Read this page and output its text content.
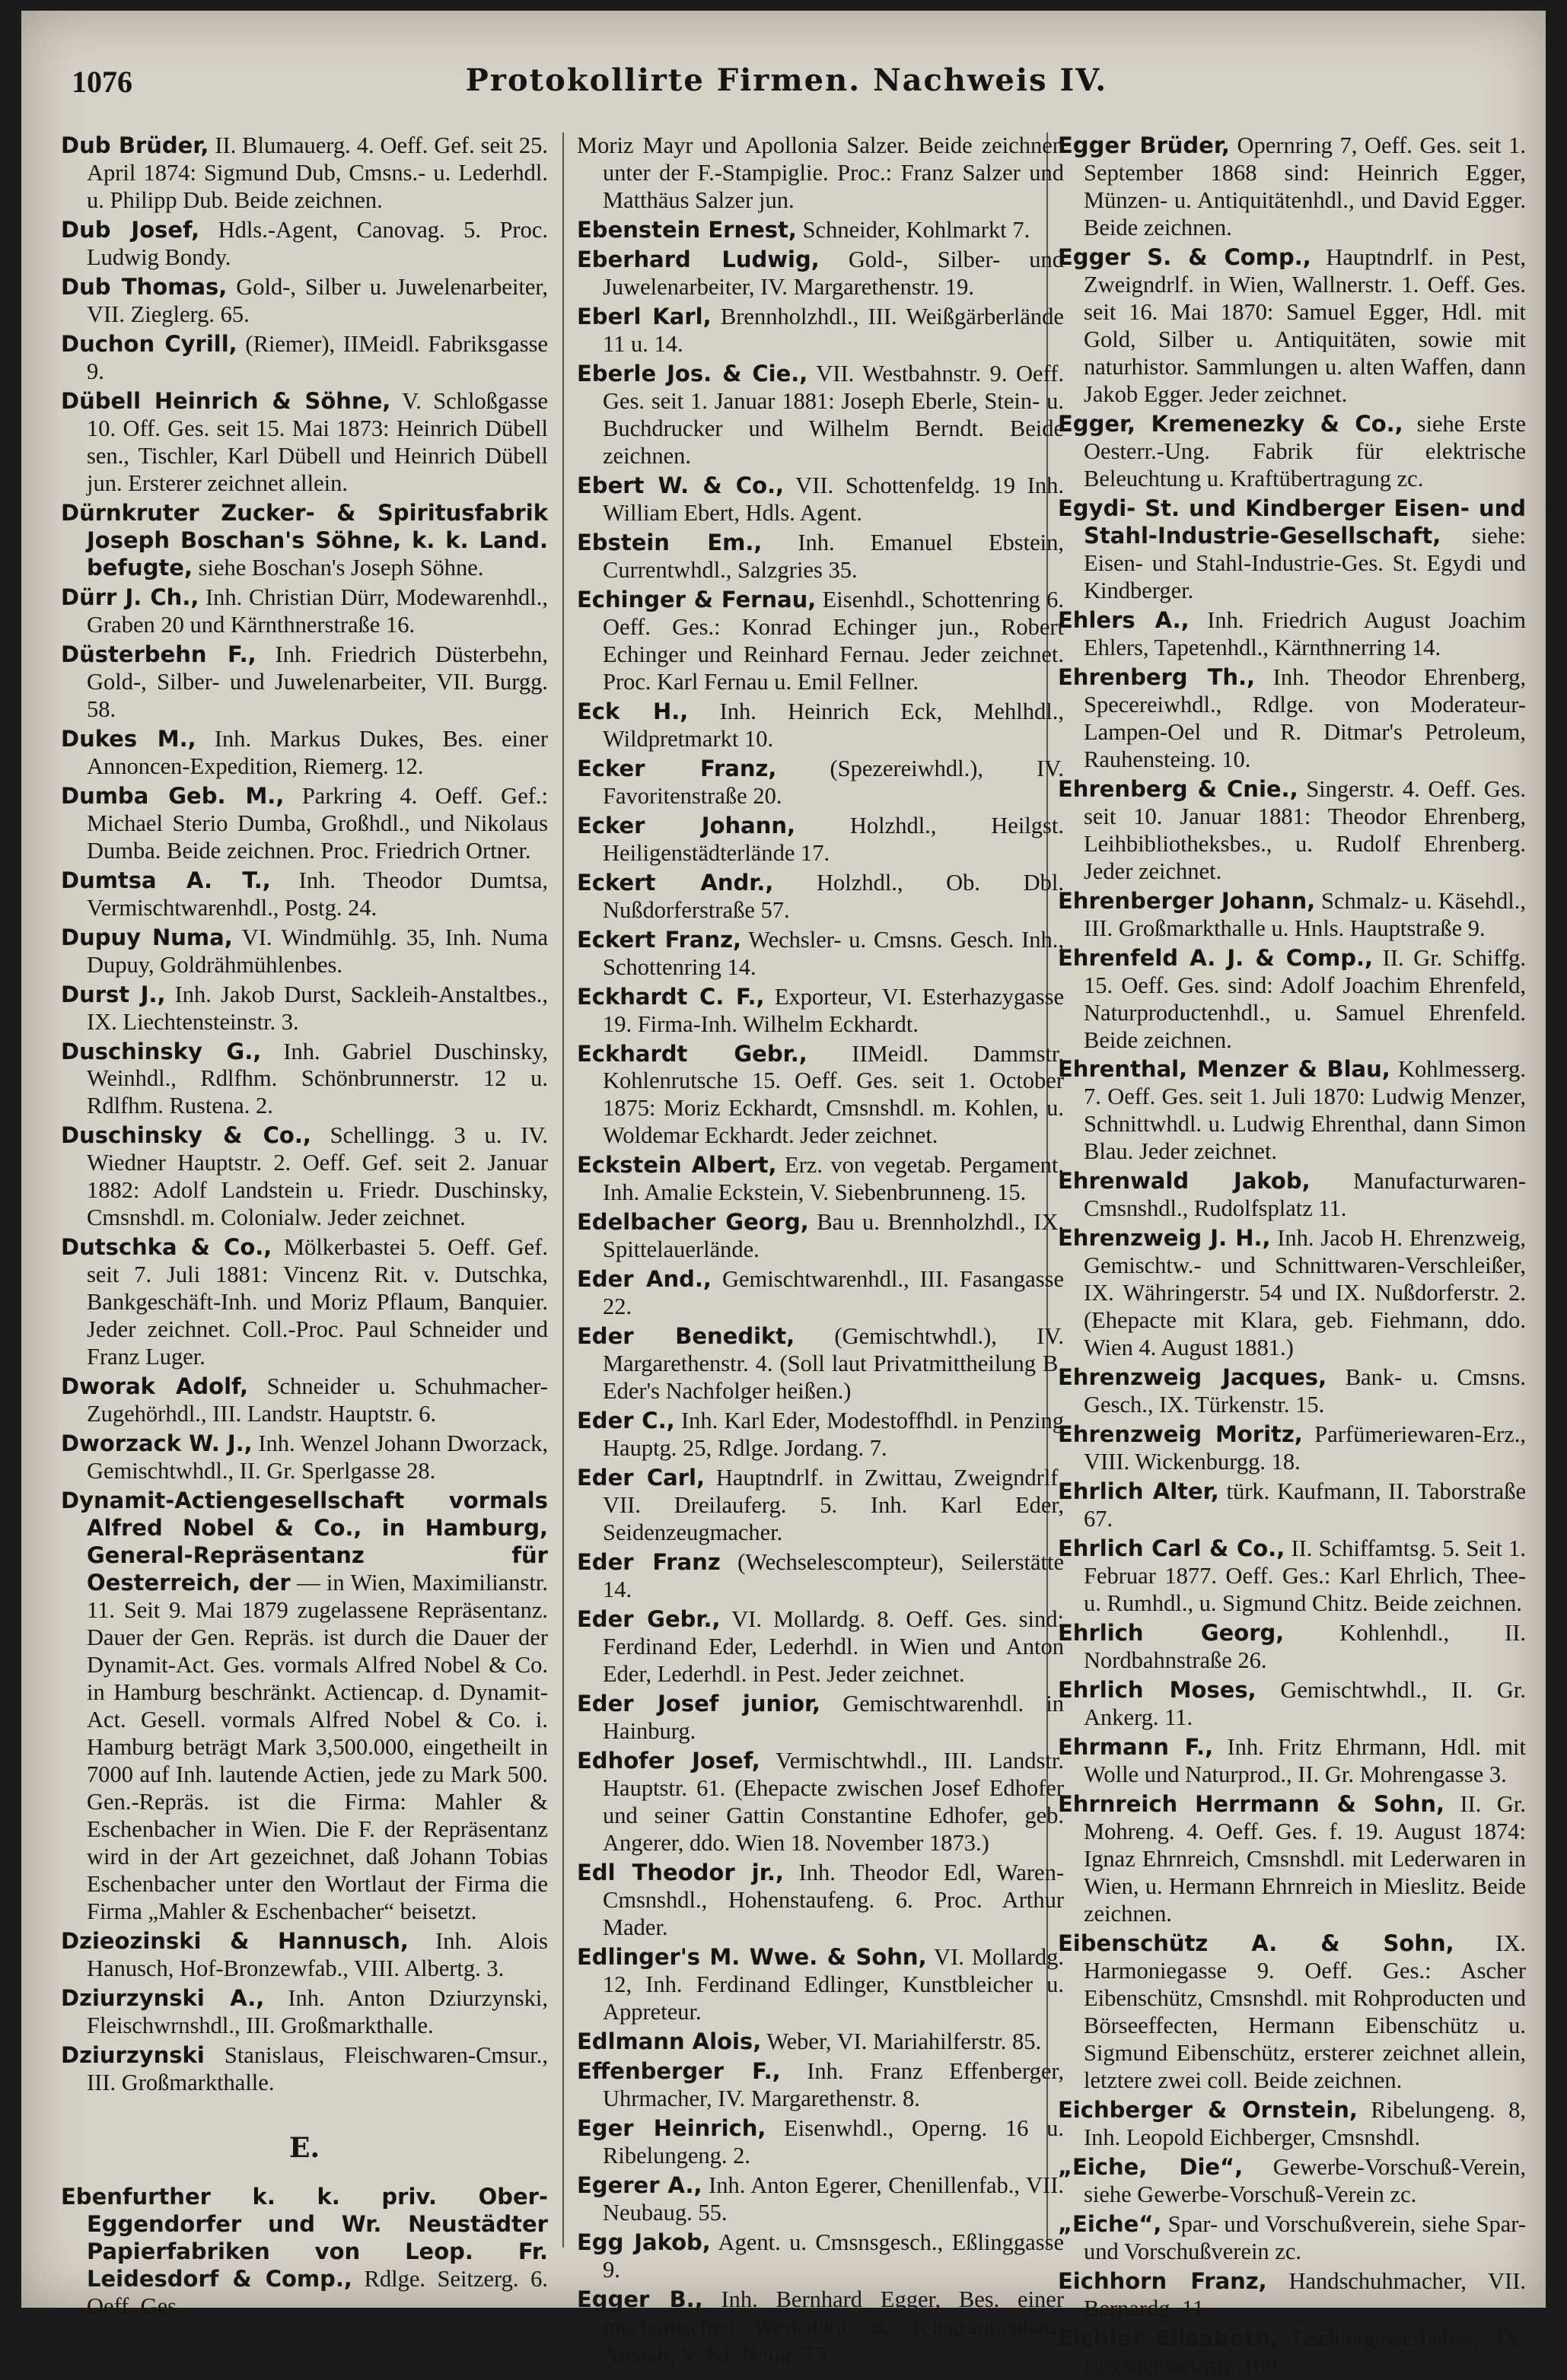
1076	Protokollirte Firmen. Nachweis IV.

Dub Brüder, II. Blumauerg. 4. Oeff. Gef. seit 25. April 1874: Sigmund Dub, Cmsns.- u. Lederhdl. u. Philipp Dub. Beide zeichnen.

Dub Josef, Hdls.-Agent, Canovag. 5. Proc. Ludwig Bondy.

Dub Thomas, Gold-, Silber u. Juwelenarbeiter, VII. Zieglerg. 65.

Duchon Cyrill, (Riemer), IIMeidl. Fabriksgasse 9.

Dübell Heinrich & Söhne, V. Schloßgasse 10. Off. Ges. seit 15. Mai 1873: Heinrich Dübell sen., Tischler, Karl Dübell und Heinrich Dübell jun. Ersterer zeichnet allein.

Dürnkruter Zucker- & Spiritusfabrik Joseph Boschan's Söhne, k. k. Land. befugte, siehe Boschan's Joseph Söhne.

Dürr J. Ch., Inh. Christian Dürr, Modewarenhdl., Graben 20 und Kärnthnerstraße 16.

Düsterbehn F., Inh. Friedrich Düsterbehn, Gold-, Silber- und Juwelenarbeiter, VII. Burgg. 58.

Dukes M., Inh. Markus Dukes, Bes. einer Annoncen-Expedition, Riemerg. 12.

Dumba Geb. M., Parkring 4. Oeff. Gef.: Michael Sterio Dumba, Großhdl., und Nikolaus Dumba. Beide zeichnen. Proc. Friedrich Ortner.

Dumtsa A. T., Inh. Theodor Dumtsa, Vermischtwarenhdl., Postg. 24.

Dupuy Numa, VI. Windmühlg. 35, Inh. Numa Dupuy, Goldrähmühlenbes.

Durst J., Inh. Jakob Durst, Sackleih-Anstaltbes., IX. Liechtensteinstr. 3.

Duschinsky G., Inh. Gabriel Duschinsky, Weinhdl., Rdlfhm. Schönbrunnerstr. 12 u. Rdlfhm. Rustena. 2.

Duschinsky & Co., Schellingg. 3 u. IV. Wiedner Hauptstr. 2. Oeff. Gef. seit 2. Januar 1882: Adolf Landstein u. Friedr. Duschinsky, Cmsnshdl. m. Colonialw. Jeder zeichnet.

Dutschka & Co., Mölkerbastei 5. Oeff. Gef. seit 7. Juli 1881: Vincenz Rit. v. Dutschka, Bankgeschäft-Inh. und Moriz Pflaum, Banquier. Jeder zeichnet. Coll.-Proc. Paul Schneider und Franz Luger.

Dworak Adolf, Schneider u. Schuhmacher-Zugehörhdl., III. Landstr. Hauptstr. 6.

Dworzack W. J., Inh. Wenzel Johann Dworzack, Gemischtwhdl., II. Gr. Sperlgasse 28.

Dynamit-Actiengesellschaft vormals Alfred Nobel & Co., in Hamburg, General-Repräsentanz für Oesterreich, der — in Wien, Maximilianstr. 11. Seit 9. Mai 1879 zugelassene Repräsentanz. Dauer der Gen. Repräs. ist durch die Dauer der Dynamit-Act. Ges. vormals Alfred Nobel & Co. in Hamburg beschränkt. Actiencap. d. Dynamit-Act. Gesell. vormals Alfred Nobel & Co. i. Hamburg beträgt Mark 3,500.000, eingetheilt in 7000 auf Inh. lautende Actien, jede zu Mark 500. Gen.-Repräs. ist die Firma: Mahler & Eschenbacher in Wien. Die F. der Repräsentanz wird in der Art gezeichnet, daß Johann Tobias Eschenbacher unter den Wortlaut der Firma die Firma „Mahler & Eschenbacher“ beisetzt.

Dzieozinski & Hannusch, Inh. Alois Hanusch, Hof-Bronzewfab., VIII. Albertg. 3.

Dziurzynski A., Inh. Anton Dziurzynski, Fleischwrnshdl., III. Großmarkthalle.

Dziurzynski Stanislaus, Fleischwaren-Cmsur., III. Großmarkthalle.

E.

Ebenfurther k. k. priv. Ober-Eggendorfer und Wr. Neustädter Papierfabriken von Leop. Fr. Leidesdorf & Comp., Rdlge. Seitzerg. 6. Oeff. Ges.

Moriz Mayr und Apollonia Salzer. Beide zeichnen unter der F.-Stampiglie. Proc.: Franz Salzer und Matthäus Salzer jun.

Ebenstein Ernest, Schneider, Kohlmarkt 7.

Eberhard Ludwig, Gold-, Silber- und Juwelenarbeiter, IV. Margarethenstr. 19.

Eberl Karl, Brennholzhdl., III. Weißgärberlände 11 u. 14.

Eberle Jos. & Cie., VII. Westbahnstr. 9. Oeff. Ges. seit 1. Januar 1881: Joseph Eberle, Stein- u. Buchdrucker und Wilhelm Berndt. Beide zeichnen.

Ebert W. & Co., VII. Schottenfeldg. 19 Inh. William Ebert, Hdls. Agent.

Ebstein Em., Inh. Emanuel Ebstein, Currentwhdl., Salzgries 35.

Echinger & Fernau, Eisenhdl., Schottenring 6. Oeff. Ges.: Konrad Echinger jun., Robert Echinger und Reinhard Fernau. Jeder zeichnet. Proc. Karl Fernau u. Emil Fellner.

Eck H., Inh. Heinrich Eck, Mehlhdl., Wildpretmarkt 10.

Ecker Franz, (Spezereiwhdl.), IV. Favoritenstraße 20.

Ecker Johann, Holzhdl., Heilgst. Heiligenstädterlände 17.

Eckert Andr., Holzhdl., Ob. Dbl. Nußdorferstraße 57.

Eckert Franz, Wechsler- u. Cmsns. Gesch. Inh., Schottenring 14.

Eckhardt C. F., Exporteur, VI. Esterhazygasse 19. Firma-Inh. Wilhelm Eckhardt.

Eckhardt Gebr., IIMeidl. Dammstr. Kohlenrutsche 15. Oeff. Ges. seit 1. October 1875: Moriz Eckhardt, Cmsnshdl. m. Kohlen, u. Woldemar Eckhardt. Jeder zeichnet.

Eckstein Albert, Erz. von vegetab. Pergament. Inh. Amalie Eckstein, V. Siebenbrunneng. 15.

Edelbacher Georg, Bau u. Brennholzhdl., IX. Spittelauerlände.

Eder And., Gemischtwarenhdl., III. Fasangasse 22.

Eder Benedikt, (Gemischtwhdl.), IV. Margarethenstr. 4. (Soll laut Privatmittheilung B. Eder's Nachfolger heißen.)

Eder C., Inh. Karl Eder, Modestoffhdl. in Penzing Hauptg. 25, Rdlge. Jordang. 7.

Eder Carl, Hauptndrlf. in Zwittau, Zweigndrlf. VII. Dreilauferg. 5. Inh. Karl Eder, Seidenzeugmacher.

Eder Franz (Wechselescompteur), Seilerstätte 14.

Eder Gebr., VI. Mollardg. 8. Oeff. Ges. sind: Ferdinand Eder, Lederhdl. in Wien und Anton Eder, Lederhdl. in Pest. Jeder zeichnet.

Eder Josef junior, Gemischtwarenhdl. in Hainburg.

Edhofer Josef, Vermischtwhdl., III. Landstr. Hauptstr. 61. (Ehepacte zwischen Josef Edhofer und seiner Gattin Constantine Edhofer, geb. Angerer, ddo. Wien 18. November 1873.)

Edl Theodor jr., Inh. Theodor Edl, Waren-Cmsnshdl., Hohenstaufeng. 6. Proc. Arthur Mader.

Edlinger's M. Wwe. & Sohn, VI. Mollardg. 12, Inh. Ferdinand Edlinger, Kunstbleicher u. Appreteur.

Edlmann Alois, Weber, VI. Mariahilferstr. 85.

Effenberger F., Inh. Franz Effenberger, Uhrmacher, IV. Margarethenstr. 8.

Eger Heinrich, Eisenwhdl., Operng. 16 u. Ribelungeng. 2.

Egerer A., Inh. Anton Egerer, Chenillenfab., VII. Neubaug. 55.

Egg Jakob, Agent. u. Cmsnsgesch., Eßlinggasse 9.

Egger B., Inh. Bernhard Egger, Bes. einer mechanischen Werkstätte u. Telegraphenbau-Anstalt, V. Kl. Neug. 23.

Egger Brüder, Opernring 7, Oeff. Ges. seit 1. September 1868 sind: Heinrich Egger, Münzen- u. Antiquitätenhdl., und David Egger. Beide zeichnen.

Egger S. & Comp., Hauptndrlf. in Pest, Zweigndrlf. in Wien, Wallnerstr. 1. Oeff. Ges. seit 16. Mai 1870: Samuel Egger, Hdl. mit Gold, Silber u. Antiquitäten, sowie mit naturhistor. Sammlungen u. alten Waffen, dann Jakob Egger. Jeder zeichnet.

Egger, Kremenezky & Co., siehe Erste Oesterr.-Ung. Fabrik für elektrische Beleuchtung u. Kraftübertragung zc.

Egydi- St. und Kindberger Eisen- und Stahl-Industrie-Gesellschaft, siehe: Eisen- und Stahl-Industrie-Ges. St. Egydi und Kindberger.

Ehlers A., Inh. Friedrich August Joachim Ehlers, Tapetenhdl., Kärnthnerring 14.

Ehrenberg Th., Inh. Theodor Ehrenberg, Specereiwhdl., Rdlge. von Moderateur-Lampen-Oel und R. Ditmar's Petroleum, Rauhensteing. 10.

Ehrenberg & Cnie., Singerstr. 4. Oeff. Ges. seit 10. Januar 1881: Theodor Ehrenberg, Leihbibliotheksbes., u. Rudolf Ehrenberg. Jeder zeichnet.

Ehrenberger Johann, Schmalz- u. Käsehdl., III. Großmarkthalle u. Hnls. Hauptstraße 9.

Ehrenfeld A. J. & Comp., II. Gr. Schiffg. 15. Oeff. Ges. sind: Adolf Joachim Ehrenfeld, Naturproductenhdl., u. Samuel Ehrenfeld. Beide zeichnen.

Ehrenthal, Menzer & Blau, Kohlmesserg. 7. Oeff. Ges. seit 1. Juli 1870: Ludwig Menzer, Schnittwhdl. u. Ludwig Ehrenthal, dann Simon Blau. Jeder zeichnet.

Ehrenwald Jakob, Manufacturwaren-Cmsnshdl., Rudolfsplatz 11.

Ehrenzweig J. H., Inh. Jacob H. Ehrenzweig, Gemischtw.- und Schnittwaren-Verschleißer, IX. Währingerstr. 54 und IX. Nußdorferstr. 2. (Ehepacte mit Klara, geb. Fiehmann, ddo. Wien 4. August 1881.)

Ehrenzweig Jacques, Bank- u. Cmsns. Gesch., IX. Türkenstr. 15.

Ehrenzweig Moritz, Parfümeriewaren-Erz., VIII. Wickenburgg. 18.

Ehrlich Alter, türk. Kaufmann, II. Taborstraße 67.

Ehrlich Carl & Co., II. Schiffamtsg. 5. Seit 1. Februar 1877. Oeff. Ges.: Karl Ehrlich, Thee- u. Rumhdl., u. Sigmund Chitz. Beide zeichnen.

Ehrlich Georg, Kohlenhdl., II. Nordbahnstraße 26.

Ehrlich Moses, Gemischtwhdl., II. Gr. Ankerg. 11.

Ehrmann F., Inh. Fritz Ehrmann, Hdl. mit Wolle und Naturprod., II. Gr. Mohrengasse 3.

Ehrnreich Herrmann & Sohn, II. Gr. Mohreng. 4. Oeff. Ges. f. 19. August 1874: Ignaz Ehrnreich, Cmsnshdl. mit Lederwaren in Wien, u. Hermann Ehrnreich in Mieslitz. Beide zeichnen.

Eibenschütz A. & Sohn, IX. Harmoniegasse 9. Oeff. Ges.: Ascher Eibenschütz, Cmsnshdl. mit Rohproducten und Börseeffecten, Hermann Eibenschütz u. Sigmund Eibenschütz, ersterer zeichnet allein, letztere zwei coll. Beide zeichnen.

Eichberger & Ornstein, Ribelungeng. 8, Inh. Leopold Eichberger, Cmsnshdl.

„Eiche, Die“, Gewerbe-Vorschuß-Verein, siehe Gewerbe-Vorschuß-Verein zc.

„Eiche“, Spar- und Vorschußverein, siehe Spar- und Vorschußverein zc.

Eichhorn Franz, Handschuhmacher, VII. Bernardg. 11.

Eichler Elisabeth, Tischlergewerbebes., IX. Liechtensteinstr. 109.
